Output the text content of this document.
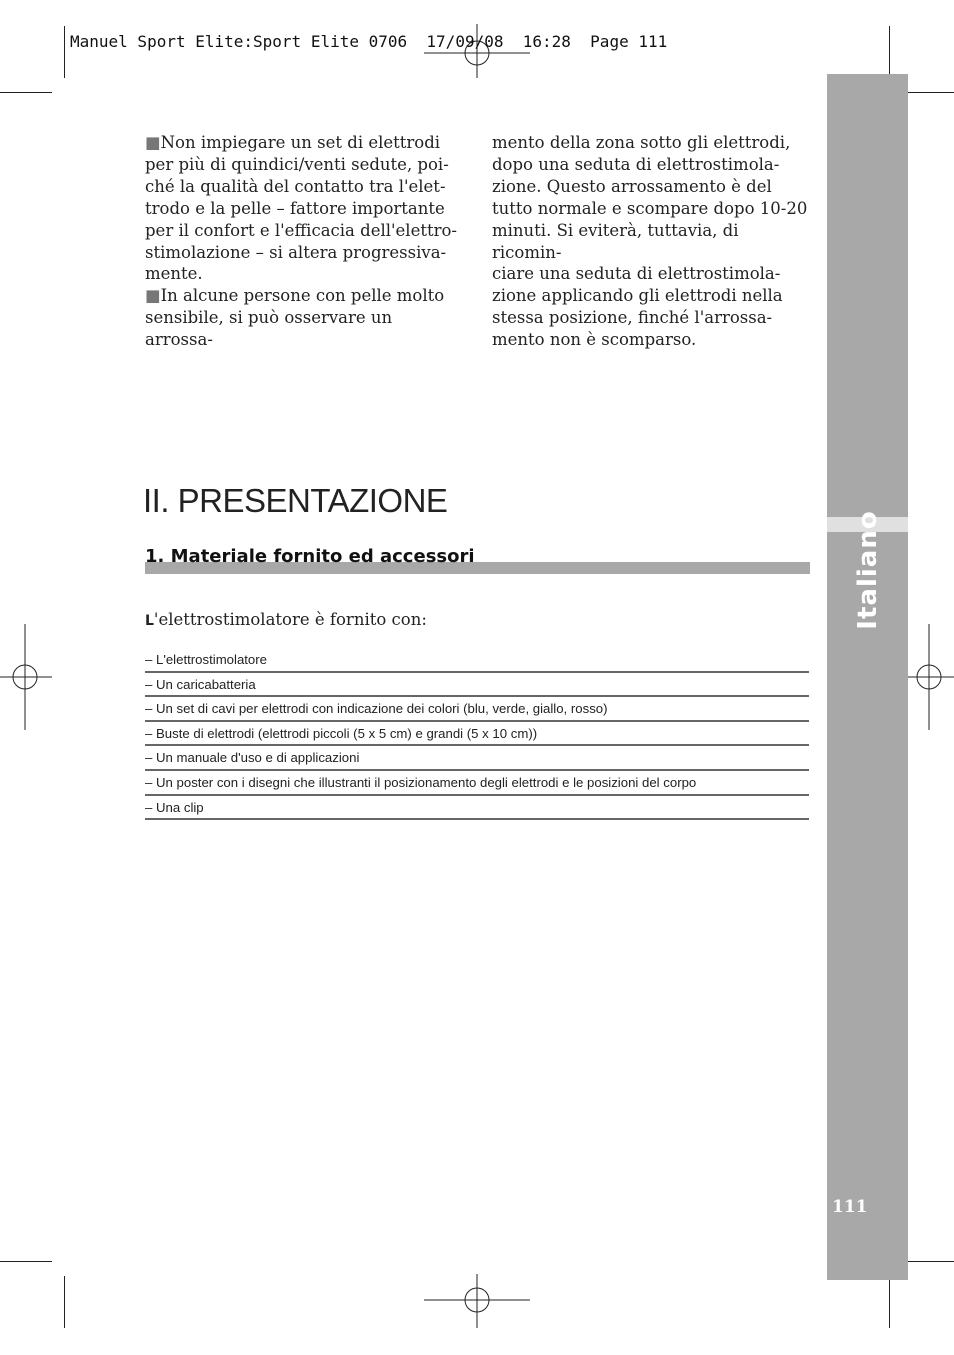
Manuel Sport Elite:Sport Elite 0706  17/09/08  16:28  Page 111
Italiano
111

■Non impiegare un set di elettrodi

per più di quindici/venti sedute, poi-

ché la qualità del contatto tra l'elet-

trodo e la pelle – fattore importante

per il confort e l'efficacia dell'elettro-

stimolazione – si altera progressiva-

mente.

■In alcune persone con pelle molto

sensibile, si può osservare un arrossa-

mento della zona sotto gli elettrodi,

dopo una seduta di elettrostimola-

zione. Questo arrossamento è del

tutto normale e scompare dopo 10-20

minuti. Si eviterà, tuttavia, di ricomin-

ciare una seduta di elettrostimola-

zione applicando gli elettrodi nella

stessa posizione, finché l'arrossa-

mento non è scomparso.

II. PRESENTAZIONE
1. Materiale fornito ed accessori
L'elettrostimolatore è fornito con:
– L'elettrostimolatore
– Un caricabatteria
– Un set di cavi per elettrodi con indicazione dei colori (blu, verde, giallo, rosso)
– Buste di elettrodi (elettrodi piccoli (5 x 5 cm) e grandi (5 x 10 cm))
– Un manuale d'uso e di applicazioni
– Un poster con i disegni che illustranti il posizionamento degli elettrodi e le posizioni del corpo
– Una clip
